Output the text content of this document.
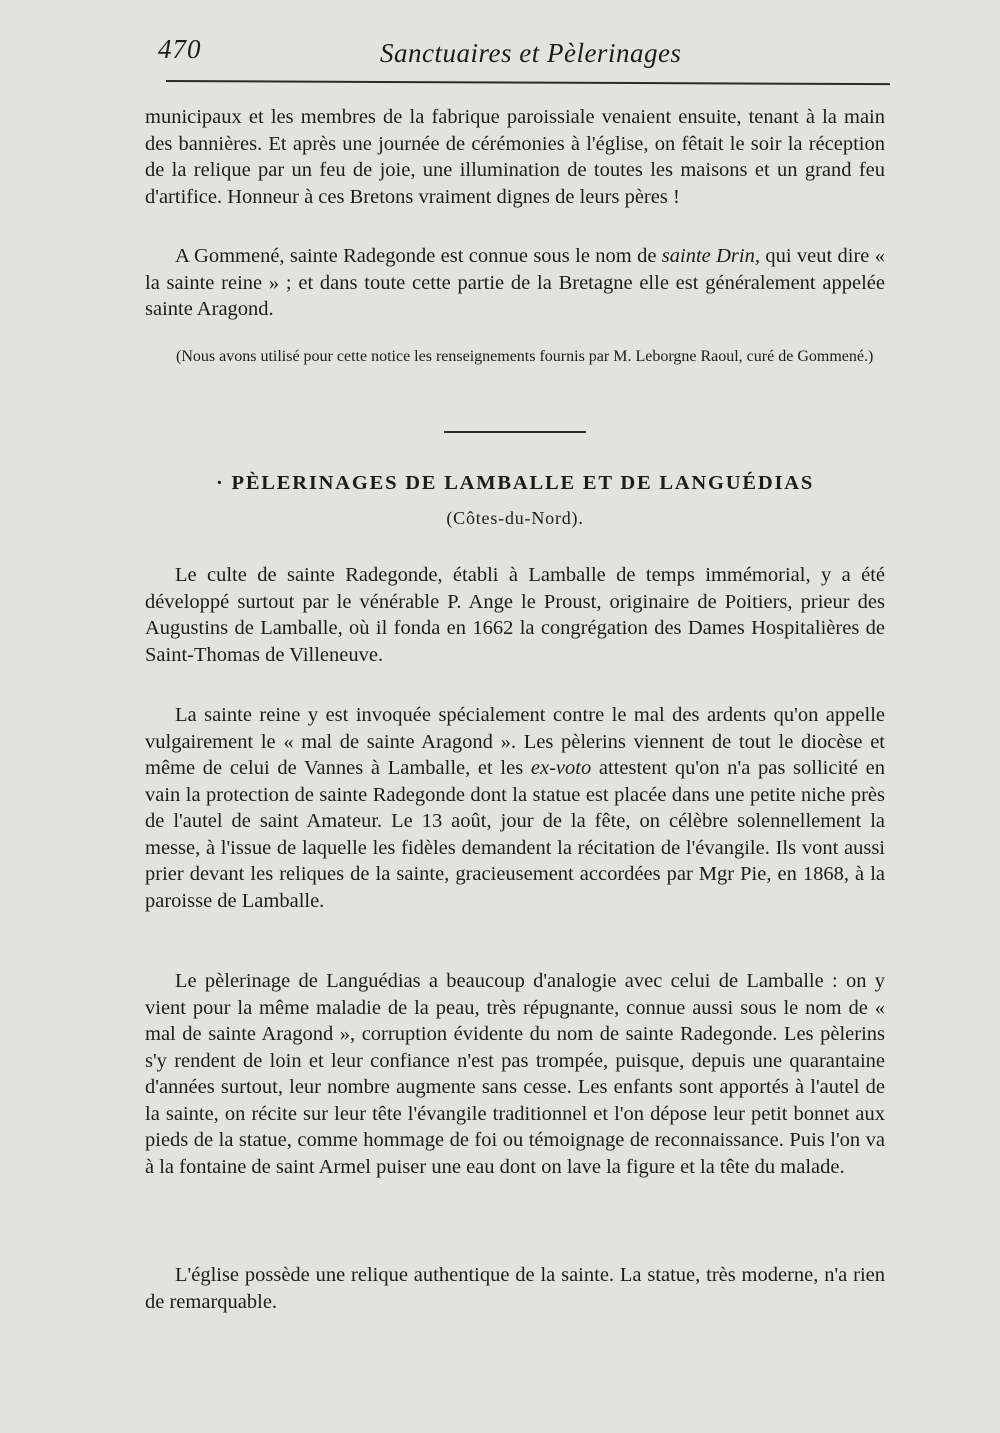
470	Sanctuaires et Pèlerinages

municipaux et les membres de la fabrique paroissiale venaient ensuite, tenant à la main des bannières. Et après une journée de cérémonies à l'église, on fêtait le soir la réception de la relique par un feu de joie, une illumination de toutes les maisons et un grand feu d'artifice. Honneur à ces Bretons vraiment dignes de leurs pères !

A Gommené, sainte Radegonde est connue sous le nom de sainte Drin, qui veut dire « la sainte reine » ; et dans toute cette partie de la Bretagne elle est généralement appelée sainte Aragond.

(Nous avons utilisé pour cette notice les renseignements fournis par M. Leborgne Raoul, curé de Gommené.)

· PÈLERINAGES DE LAMBALLE ET DE LANGUÉDIAS
(Côtes-du-Nord).

Le culte de sainte Radegonde, établi à Lamballe de temps immémorial, y a été développé surtout par le vénérable P. Ange le Proust, originaire de Poitiers, prieur des Augustins de Lamballe, où il fonda en 1662 la congrégation des Dames Hospitalières de Saint-Thomas de Villeneuve.

La sainte reine y est invoquée spécialement contre le mal des ardents qu'on appelle vulgairement le « mal de sainte Aragond ». Les pèlerins viennent de tout le diocèse et même de celui de Vannes à Lamballe, et les ex-voto attestent qu'on n'a pas sollicité en vain la protection de sainte Radegonde dont la statue est placée dans une petite niche près de l'autel de saint Amateur. Le 13 août, jour de la fête, on célèbre solennellement la messe, à l'issue de laquelle les fidèles demandent la récitation de l'évangile. Ils vont aussi prier devant les reliques de la sainte, gracieusement accordées par Mgr Pie, en 1868, à la paroisse de Lamballe.

Le pèlerinage de Languédias a beaucoup d'analogie avec celui de Lamballe : on y vient pour la même maladie de la peau, très répugnante, connue aussi sous le nom de « mal de sainte Aragond », corruption évidente du nom de sainte Radegonde. Les pèlerins s'y rendent de loin et leur confiance n'est pas trompée, puisque, depuis une quarantaine d'années surtout, leur nombre augmente sans cesse. Les enfants sont apportés à l'autel de la sainte, on récite sur leur tête l'évangile traditionnel et l'on dépose leur petit bonnet aux pieds de la statue, comme hommage de foi ou témoignage de reconnaissance. Puis l'on va à la fontaine de saint Armel puiser une eau dont on lave la figure et la tête du malade.

L'église possède une relique authentique de la sainte. La statue, très moderne, n'a rien de remarquable.
